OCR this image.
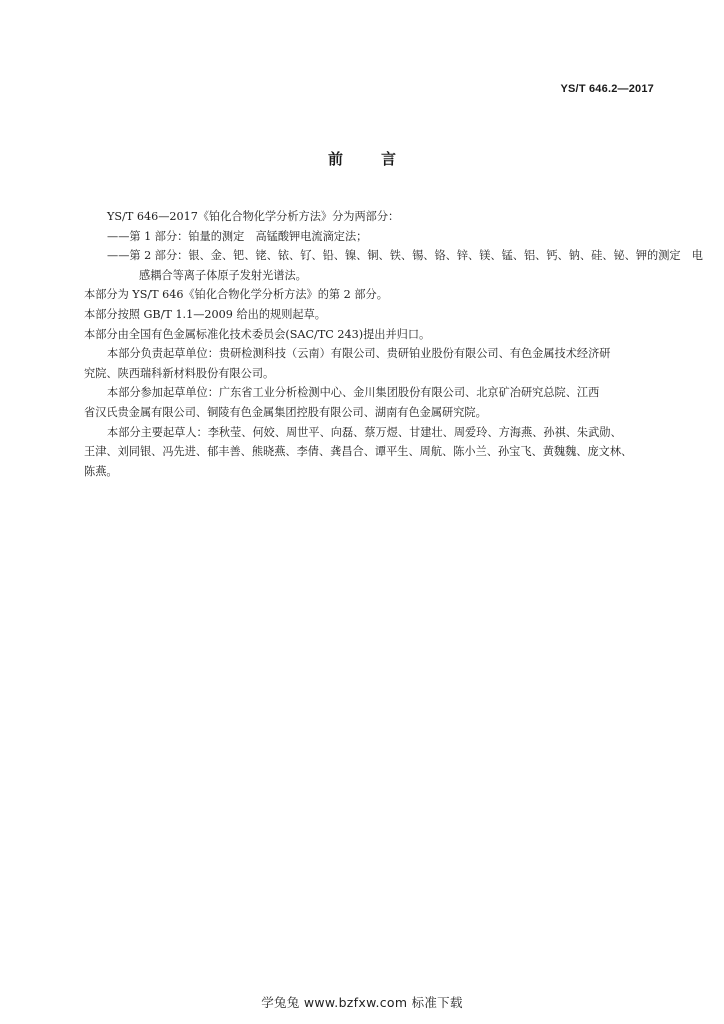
YS/T 646.2—2017
前言
YS/T 646—2017《铂化合物化学分析方法》分为两部分：
——第 1 部分：铂量的测定　高锰酸钾电流滴定法；
——第 2 部分：银、金、钯、铑、铱、钌、铅、镍、铜、铁、锡、铬、锌、镁、锰、铝、钙、钠、硅、铋、钾的测定　电
感耦合等离子体原子发射光谱法。
本部分为 YS/T 646《铂化合物化学分析方法》的第 2 部分。
本部分按照 GB/T 1.1—2009 给出的规则起草。
本部分由全国有色金属标准化技术委员会(SAC/TC 243)提出并归口。
本部分负责起草单位：贵研检测科技（云南）有限公司、贵研铂业股份有限公司、有色金属技术经济研
究院、陕西瑞科新材料股份有限公司。
本部分参加起草单位：广东省工业分析检测中心、金川集团股份有限公司、北京矿冶研究总院、江西
省汉氏贵金属有限公司、铜陵有色金属集团控股有限公司、湖南有色金属研究院。
本部分主要起草人：李秋莹、何姣、周世平、向磊、蔡万煜、甘建壮、周爱玲、方海燕、孙祺、朱武勋、
王津、刘同银、冯先进、郁丰善、熊晓燕、李倩、龚昌合、谭平生、周航、陈小兰、孙宝飞、黄魏魏、庞文林、
陈燕。
学兔兔 www.bzfxw.com 标准下载
